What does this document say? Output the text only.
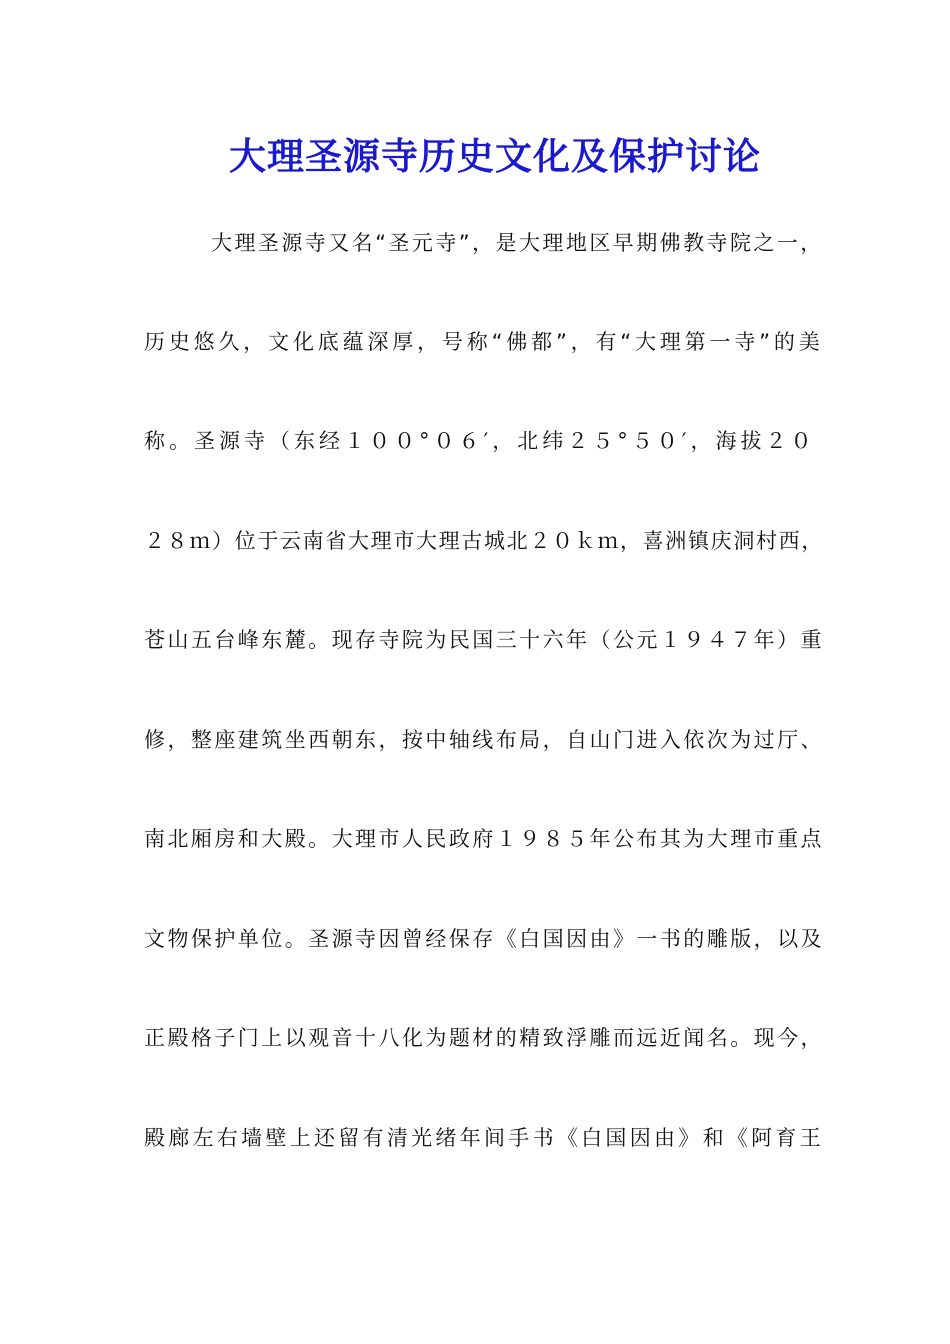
大理圣源寺历史文化及保护讨论
大理圣源寺又名“圣元寺”，是大理地区早期佛教寺院之一，
历史悠久，文化底蕴深厚，号称“佛都”，有“大理第一寺”的美
称。圣源寺（东经１００°０６′，北纬２５°５０′，海拔２０
２８ｍ）位于云南省大理市大理古城北２０ｋｍ，喜洲镇庆洞村西，
苍山五台峰东麓。现存寺院为民国三十六年（公元１９４７年）重
修，整座建筑坐西朝东，按中轴线布局，自山门进入依次为过厅、
南北厢房和大殿。大理市人民政府１９８５年公布其为大理市重点
文物保护单位。圣源寺因曾经保存《白国因由》一书的雕版，以及
正殿格子门上以观音十八化为题材的精致浮雕而远近闻名。现今，
殿廊左右墙壁上还留有清光绪年间手书《白国因由》和《阿育王
